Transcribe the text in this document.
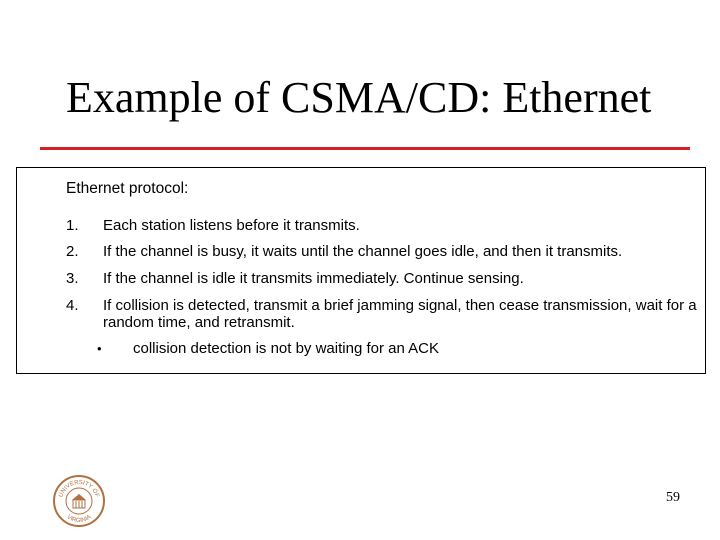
Example of CSMA/CD: Ethernet
Ethernet protocol:
1. Each station listens before it transmits.
2. If the channel is busy, it waits until the channel goes idle, and then it transmits.
3. If the channel is idle it transmits immediately. Continue sensing.
4. If collision is detected, transmit a brief jamming signal, then cease transmission, wait for a random time, and retransmit.
• collision detection is not by waiting for an ACK
UNIVERSITY OF
VIRGINIA
59
